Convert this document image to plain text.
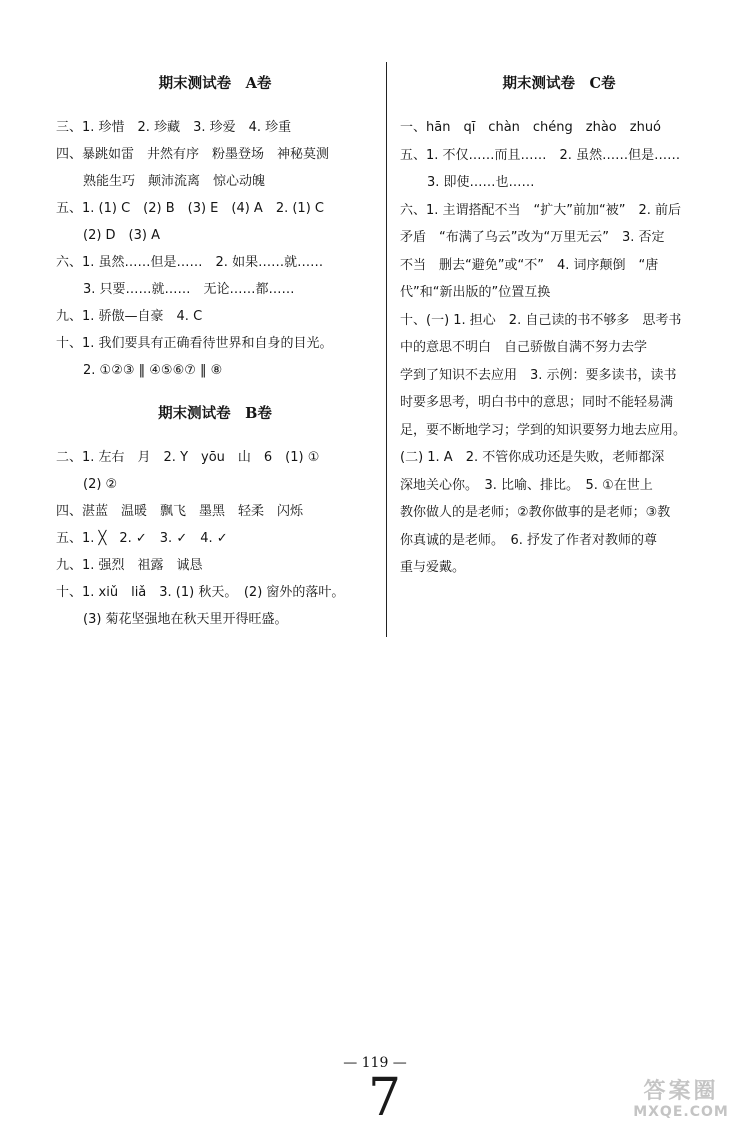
期末测试卷　A卷
三、1. 珍惜　2. 珍藏　3. 珍爱　4. 珍重
四、暴跳如雷　井然有序　粉墨登场　神秘莫测
熟能生巧　颠沛流离　惊心动魄
五、1. (1) C　(2) B　(3) E　(4) A　2. (1) C
(2) D　(3) A
六、1. 虽然……但是……　2. 如果……就……
3. 只要……就……　无论……都……
九、1. 骄傲—自豪　4. C
十、1. 我们要具有正确看待世界和自身的目光。
2. ①②③ ‖ ④⑤⑥⑦ ‖ ⑧
期末测试卷　B卷
二、1. 左右　月　2. Y　yōu　山　6　(1) ①
(2) ②
四、湛蓝　温暖　飘飞　墨黑　轻柔　闪烁
五、1. ╳　2. ✓　3. ✓　4. ✓
九、1. 强烈　祖露　诚恳
十、1. xiǔ　liǎ　3. (1) 秋天。　(2) 窗外的落叶。
(3) 菊花坚强地在秋天里开得旺盛。
期末测试卷　C卷
一、hān　qī　chàn　chéng　zhào　zhuó
五、1. 不仅……而且……　2. 虽然……但是……
3. 即使……也……
六、1. 主谓搭配不当　“扩大”前加“被”　2. 前后
矛盾　“布满了乌云”改为“万里无云”　3. 否定
不当　删去“避免”或“不”　4. 词序颠倒　“唐
代”和“新出版的”位置互换
十、(一) 1. 担心　2. 自己读的书不够多　思考书
中的意思不明白　自己骄傲自满不努力去学
学到了知识不去应用　3. 示例：要多读书，读书
时要多思考，明白书中的意思；同时不能轻易满
足，要不断地学习；学到的知识要努力地去应用。
(二) 1. A　2. 不管你成功还是失败，老师都深
深地关心你。　3. 比喻、排比。　5. ①在世上
教你做人的是老师；②教你做事的是老师；③教
你真诚的是老师。　6. 抒发了作者对教师的尊
重与爱戴。
— 119 —
7	答案圈
MXQE.COM
